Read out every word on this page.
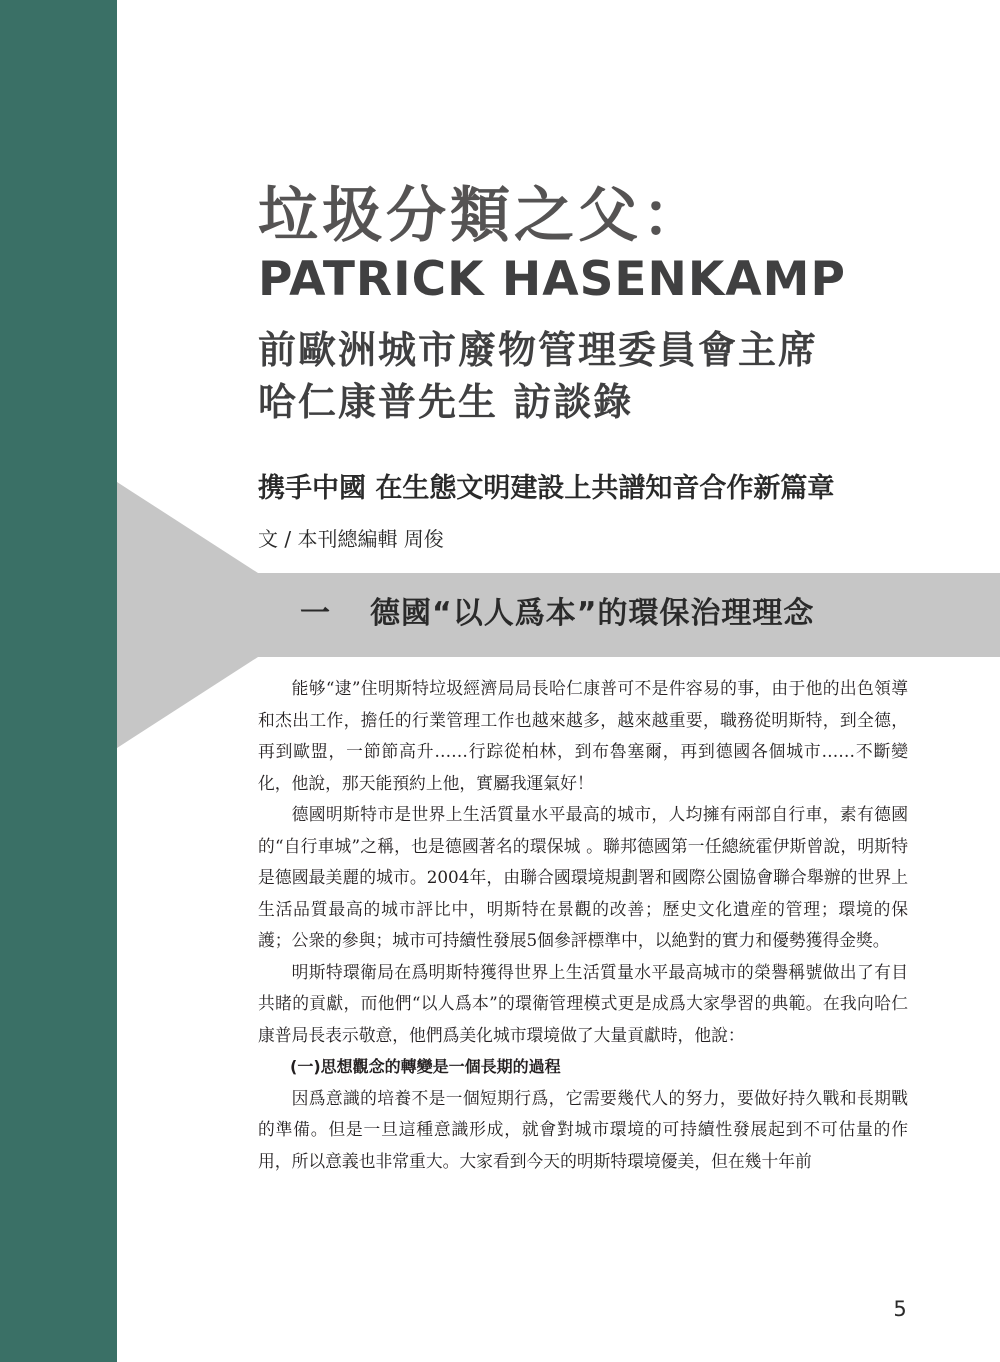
垃圾分類之父：
PATRICK HASENKAMP
前歐洲城市廢物管理委員會主席
哈仁康普先生 訪談錄
携手中國 在生態文明建設上共譜知音合作新篇章
文 / 本刊總編輯 周俊
一 德國“以人爲本”的環保治理理念

能够“逮”住明斯特垃圾經濟局局長哈仁康普可不是件容易的事，由于他的出色領導和杰出工作，擔任的行業管理工作也越來越多，越來越重要，職務從明斯特，到全德，再到歐盟，一節節高升……行踪從柏林，到布魯塞爾，再到德國各個城市……不斷變化，他說，那天能預約上他，實屬我運氣好！

德國明斯特市是世界上生活質量水平最高的城市，人均擁有兩部自行車，素有德國的“自行車城”之稱，也是德國著名的環保城 。聯邦德國第一任總統霍伊斯曾說，明斯特是德國最美麗的城市。2004年，由聯合國環境規劃署和國際公園協會聯合舉辦的世界上生活品質最高的城市評比中，明斯特在景觀的改善；歷史文化遺産的管理；環境的保護；公衆的參與；城市可持續性發展5個參評標準中，以絶對的實力和優勢獲得金獎。

明斯特環衛局在爲明斯特獲得世界上生活質量水平最高城市的榮譽稱號做出了有目共睹的貢獻，而他們“以人爲本”的環衛管理模式更是成爲大家學習的典範。在我向哈仁康普局長表示敬意，他們爲美化城市環境做了大量貢獻時，他說：

(一)思想觀念的轉變是一個長期的過程

因爲意識的培養不是一個短期行爲，它需要幾代人的努力，要做好持久戰和長期戰的準備。但是一旦這種意識形成，就會對城市環境的可持續性發展起到不可估量的作用，所以意義也非常重大。大家看到今天的明斯特環境優美，但在幾十年前

5
